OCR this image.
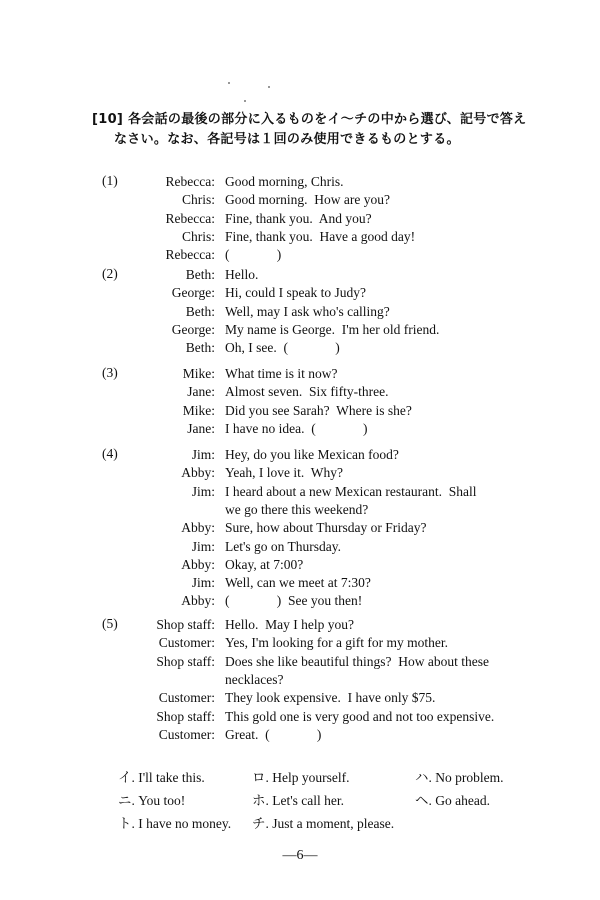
[10] 各会話の最後の部分に入るものをイ～チの中から選び、記号で答え
なさい。なお、各記号は１回のみ使用できるものとする。
(1)	Rebecca: Good morning, Chris.
Chris: Good morning.  How are you?
Rebecca: Fine, thank you.  And you?
Chris: Fine, thank you.  Have a good day!
Rebecca: (              )
(2)	Beth: Hello.
George: Hi, could I speak to Judy?
Beth: Well, may I ask who's calling?
George: My name is George.  I'm her old friend.
Beth: Oh, I see.  (              )
(3)	Mike: What time is it now?
Jane: Almost seven.  Six fifty-three.
Mike: Did you see Sarah?  Where is she?
Jane: I have no idea.  (              )
(4)	Jim: Hey, do you like Mexican food?
Abby: Yeah, I love it.  Why?
Jim: I heard about a new Mexican restaurant.  Shall
we go there this weekend?
Abby: Sure, how about Thursday or Friday?
Jim: Let's go on Thursday.
Abby: Okay, at 7:00?
Jim: Well, can we meet at 7:30?
Abby: (              )  See you then!
(5)	Shop staff: Hello.  May I help you?
Customer: Yes, I'm looking for a gift for my mother.
Shop staff: Does she like beautiful things?  How about these
necklaces?
Customer: They look expensive.  I have only $75.
Shop staff: This gold one is very good and not too expensive.
Customer: Great.  (              )
イ. I'll take this.	ロ. Help yourself.	ハ. No problem.
ニ. You too!	ホ. Let's call her.	ヘ. Go ahead.
ト. I have no money. チ. Just a moment, please.
—6—
